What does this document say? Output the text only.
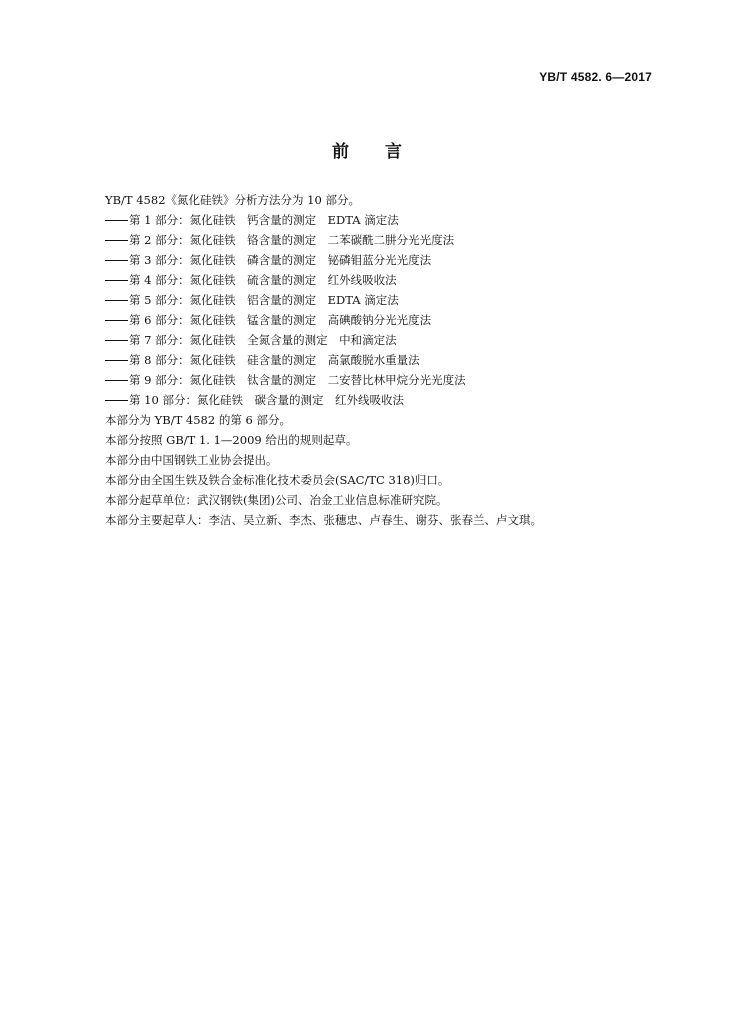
YB/T 4582. 6—2017
前言
YB/T 4582《氮化硅铁》分析方法分为 10 部分。
第 1 部分：氮化硅铁　钙含量的测定　EDTA 滴定法
第 2 部分：氮化硅铁　铬含量的测定　二苯碳酰二肼分光光度法
第 3 部分：氮化硅铁　磷含量的测定　铋磷钼蓝分光光度法
第 4 部分：氮化硅铁　硫含量的测定　红外线吸收法
第 5 部分：氮化硅铁　铝含量的测定　EDTA 滴定法
第 6 部分：氮化硅铁　锰含量的测定　高碘酸钠分光光度法
第 7 部分：氮化硅铁　全氮含量的测定　中和滴定法
第 8 部分：氮化硅铁　硅含量的测定　高氯酸脱水重量法
第 9 部分：氮化硅铁　钛含量的测定　二安替比林甲烷分光光度法
第 10 部分：氮化硅铁　碳含量的测定　红外线吸收法
本部分为 YB/T 4582 的第 6 部分。
本部分按照 GB/T 1. 1—2009 给出的规则起草。
本部分由中国钢铁工业协会提出。
本部分由全国生铁及铁合金标准化技术委员会(SAC/TC 318)归口。
本部分起草单位：武汉钢铁(集团)公司、冶金工业信息标准研究院。
本部分主要起草人：李洁、吴立新、李杰、张穗忠、卢春生、谢芬、张春兰、卢文琪。
